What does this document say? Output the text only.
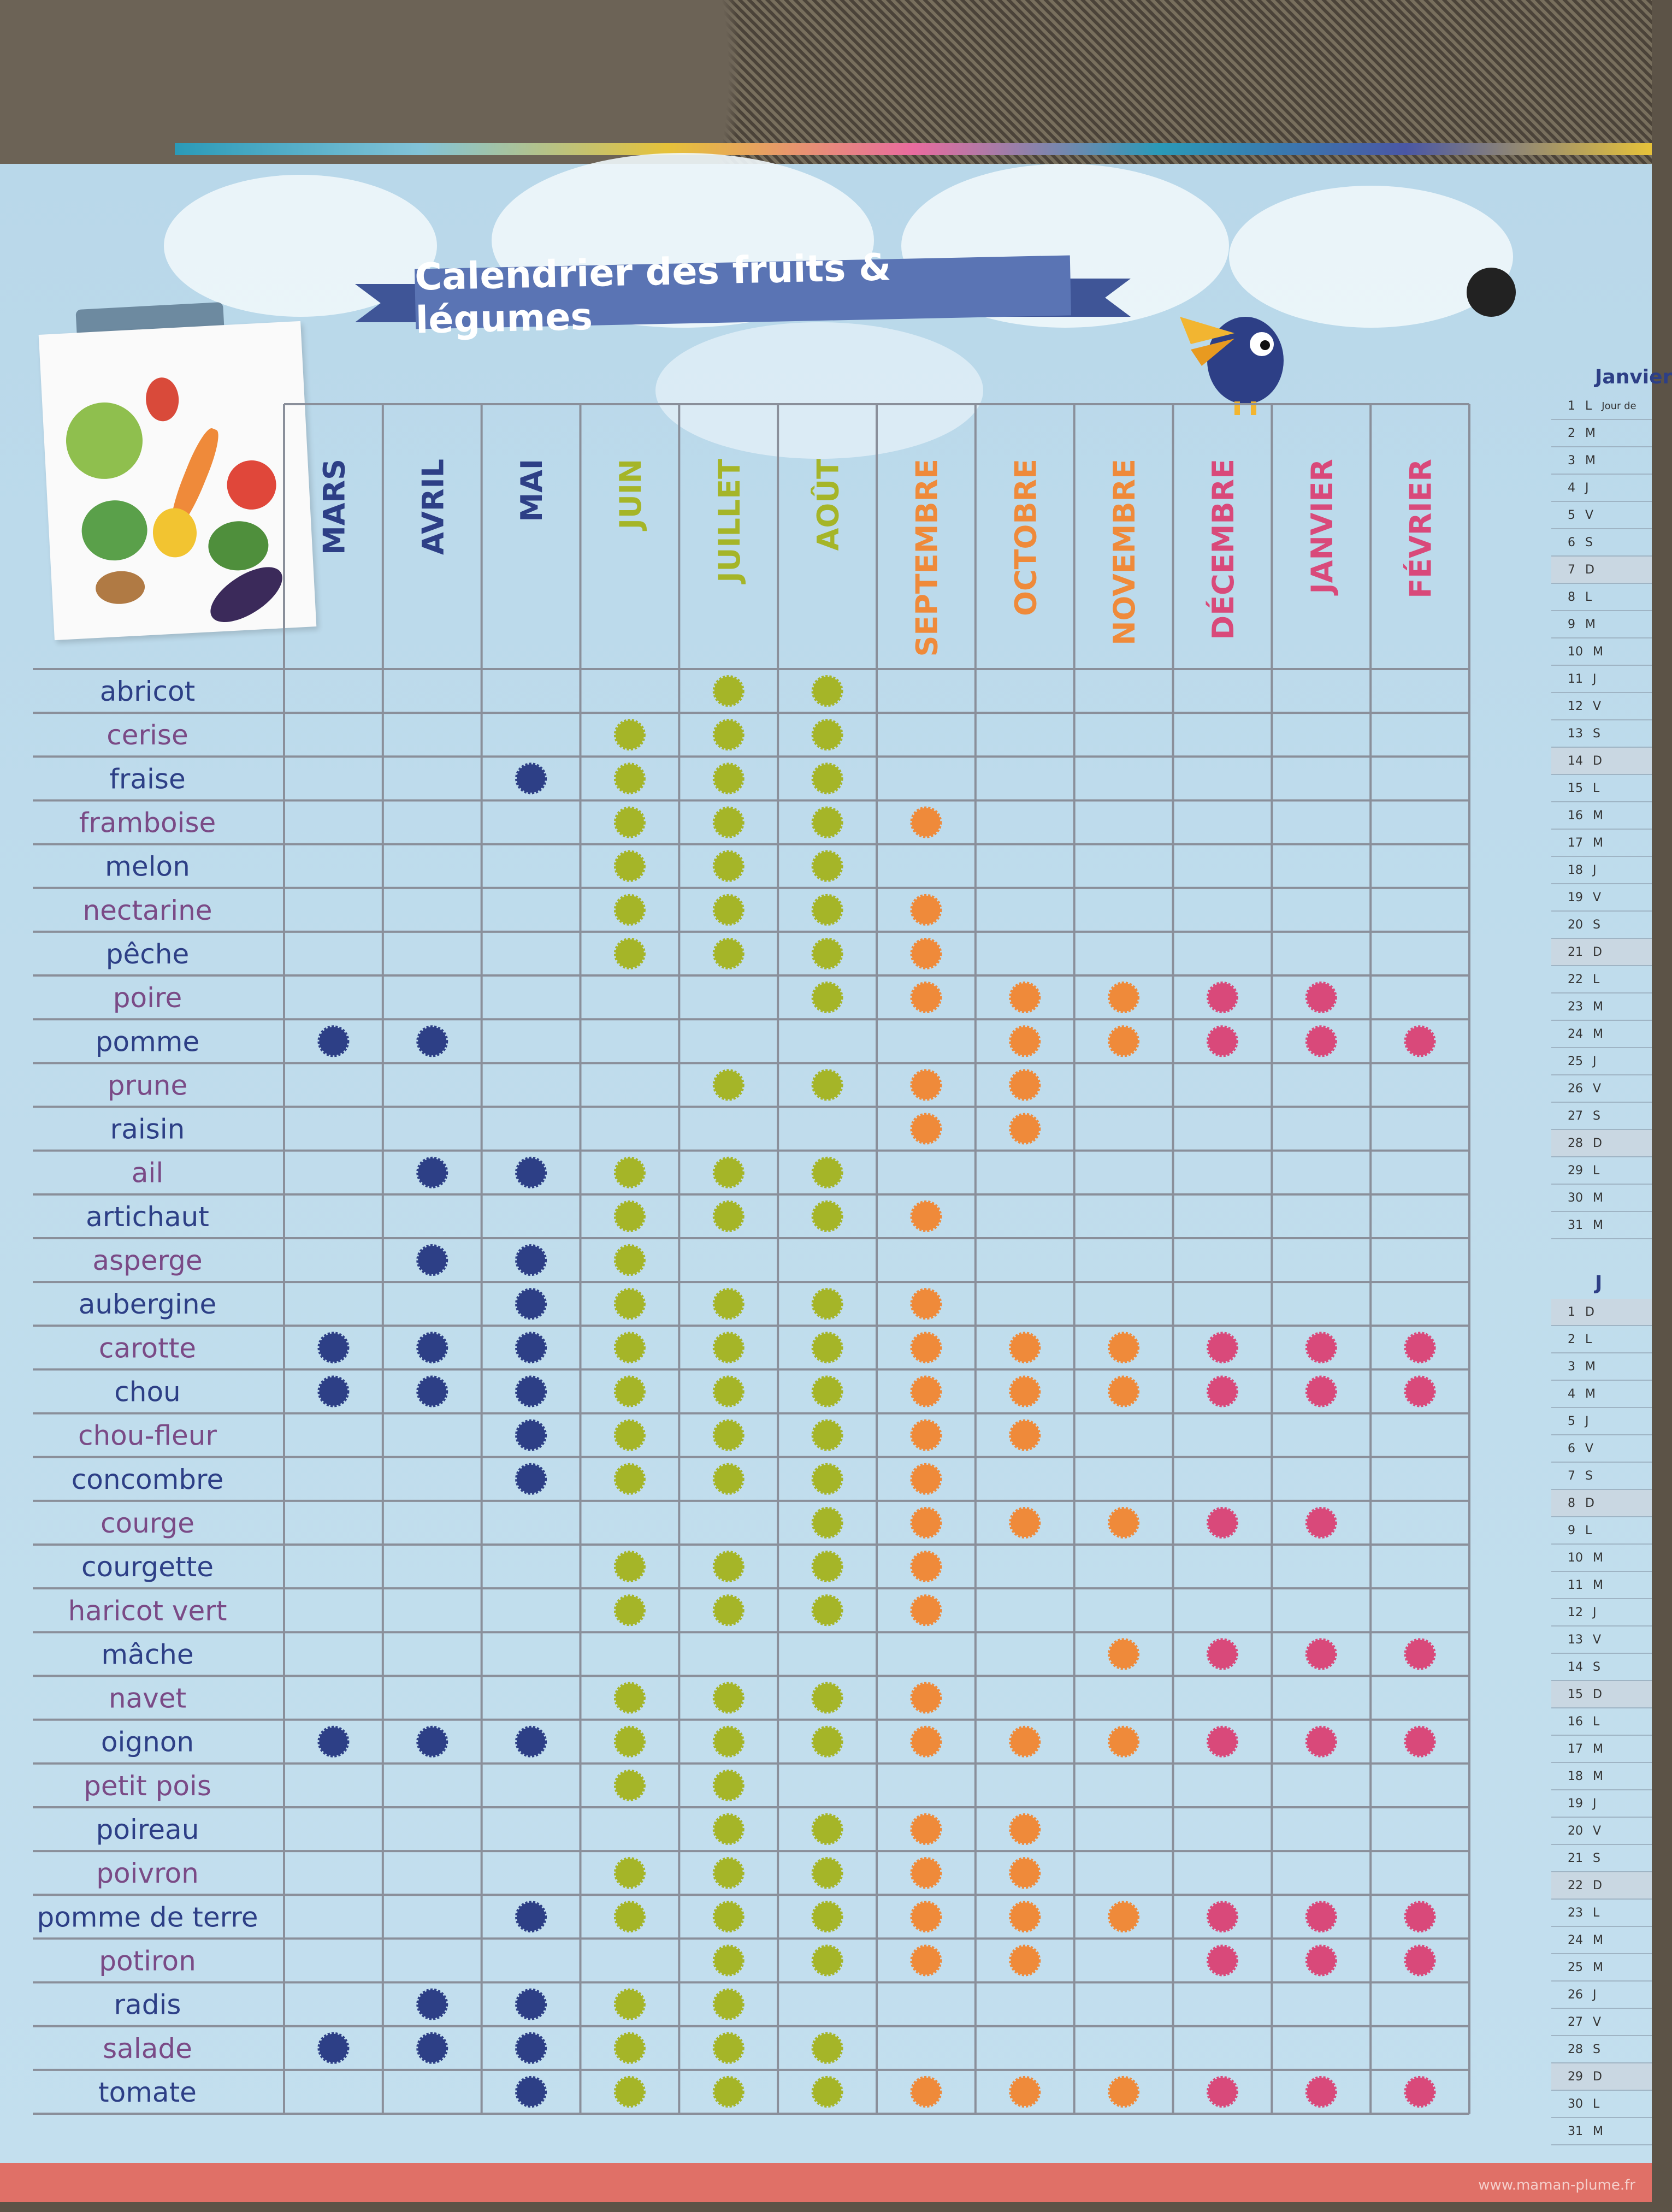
Calendrier des fruits & légumes
Janvier
1 L Jour de
2 M
3 M
4 J
5 V
6 S
7 D
8 L
9 M
10 M
11 J
12 V
13 S
14 D
15 L
16 M
17 M
18 J
19 V
20 S
21 D
22 L
23 M
24 M
25 J
26 V
27 S
28 D
29 L
30 M
31 M
J
1 D
2 L
3 M
4 M
5 J
6 V
7 S
8 D
9 L
10 M
11 M
12 J
13 V
14 S
15 D
16 L
17 M
18 M
19 J
20 V
21 S
22 D
23 L
24 M
25 M
26 J
27 V
28 S
29 D
30 L
31 M
MARS AVRIL MAI JUIN JUILLET AOÛT SEPTEMBRE OCTOBRE NOVEMBRE DÉCEMBRE JANVIER FÉVRIER
abricot
cerise
fraise
framboise
melon
nectarine
pêche
poire
pomme
prune
raisin
ail
artichaut
asperge
aubergine
carotte
chou
chou-fleur
concombre
courge
courgette
haricot vert
mâche
navet
oignon
petit pois
poireau
poivron
pomme de terre
potiron
radis
salade
tomate
www.maman-plume.fr
